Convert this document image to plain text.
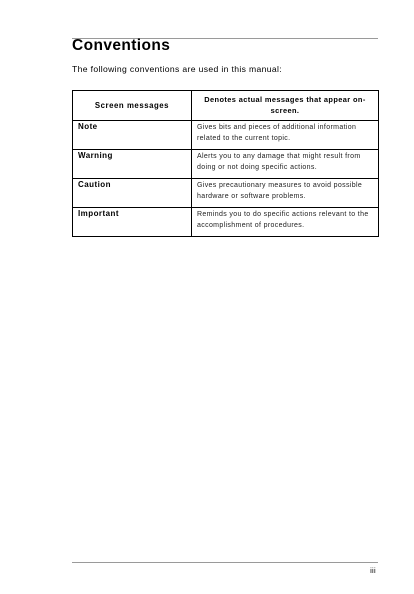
Conventions

The following conventions are used in this manual:

Screen messages	Denotes actual messages that appear on-screen.
Note	Gives bits and pieces of additional information related to the current topic.
Warning	Alerts you to any damage that might result from doing or not doing specific actions.
Caution	Gives precautionary measures to avoid possible hardware or software problems.
Important	Reminds you to do specific actions relevant to the accomplishment of procedures.
iii
